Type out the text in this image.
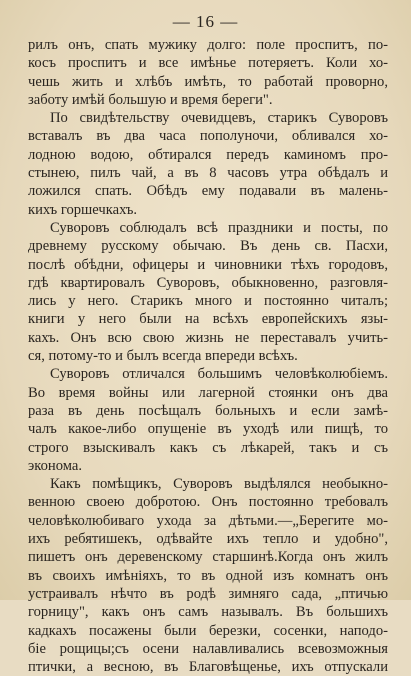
— 16 —
рилъ онъ, спать мужику долго: поле проспитъ, по-
косъ проспитъ и все имѣнье потеряетъ. Коли хо-
чешь жить и хлѣбъ имѣть, то работай проворно,
заботу имѣй большую и время береги".
По свидѣтельству очевидцевъ, старикъ Суворовъ
вставалъ въ два часа пополуночи, обливался хо-
лодною водою, обтирался передъ каминомъ про-
стынею, пилъ чай, а въ 8 часовъ утра обѣдалъ и
ложился спать. Обѣдъ ему подавали въ малень-
кихъ горшечкахъ.
Суворовъ соблюдалъ всѣ праздники и посты, по
древнему русскому обычаю. Въ день св. Пасхи,
послѣ обѣдни, офицеры и чиновники тѣхъ городовъ,
гдѣ квартировалъ Суворовъ, обыкновенно, разговля-
лись у него. Старикъ много и постоянно читалъ;
книги у него были на всѣхъ европейскихъ язы-
кахъ. Онъ всю свою жизнь не переставалъ учить-
ся, потому-то и былъ всегда впереди всѣхъ.
Суворовъ отличался большимъ человѣколюбіемъ.
Во время войны или лагерной стоянки онъ два
раза въ день посѣщалъ больныхъ и если замѣ-
чалъ какое-либо опущеніе въ уходѣ или пищѣ, то
строго взыскивалъ какъ съ лѣкарей, такъ и съ
эконома.
Какъ помѣщикъ, Суворовъ выдѣлялся необыкно-
венною своею добротою. Онъ постоянно требовалъ
человѣколюбиваго ухода за дѣтьми.—„Берегите мо-
ихъ ребятишекъ, одѣвайте ихъ тепло и удобно",
пишетъ онъ деревенскому старшинѣ.Когда онъ жилъ
въ своихъ имѣніяхъ, то въ одной изъ комнатъ онъ
устраивалъ нѣчто въ родѣ зимняго сада, „птичью
горницу", какъ онъ самъ называлъ. Въ большихъ
кадкахъ посажены были березки, сосенки, наподо-
біе рощицы;съ осени налавливались всевозможныя
птички, а весною, въ Благовѣщенье, ихъ отпускали
